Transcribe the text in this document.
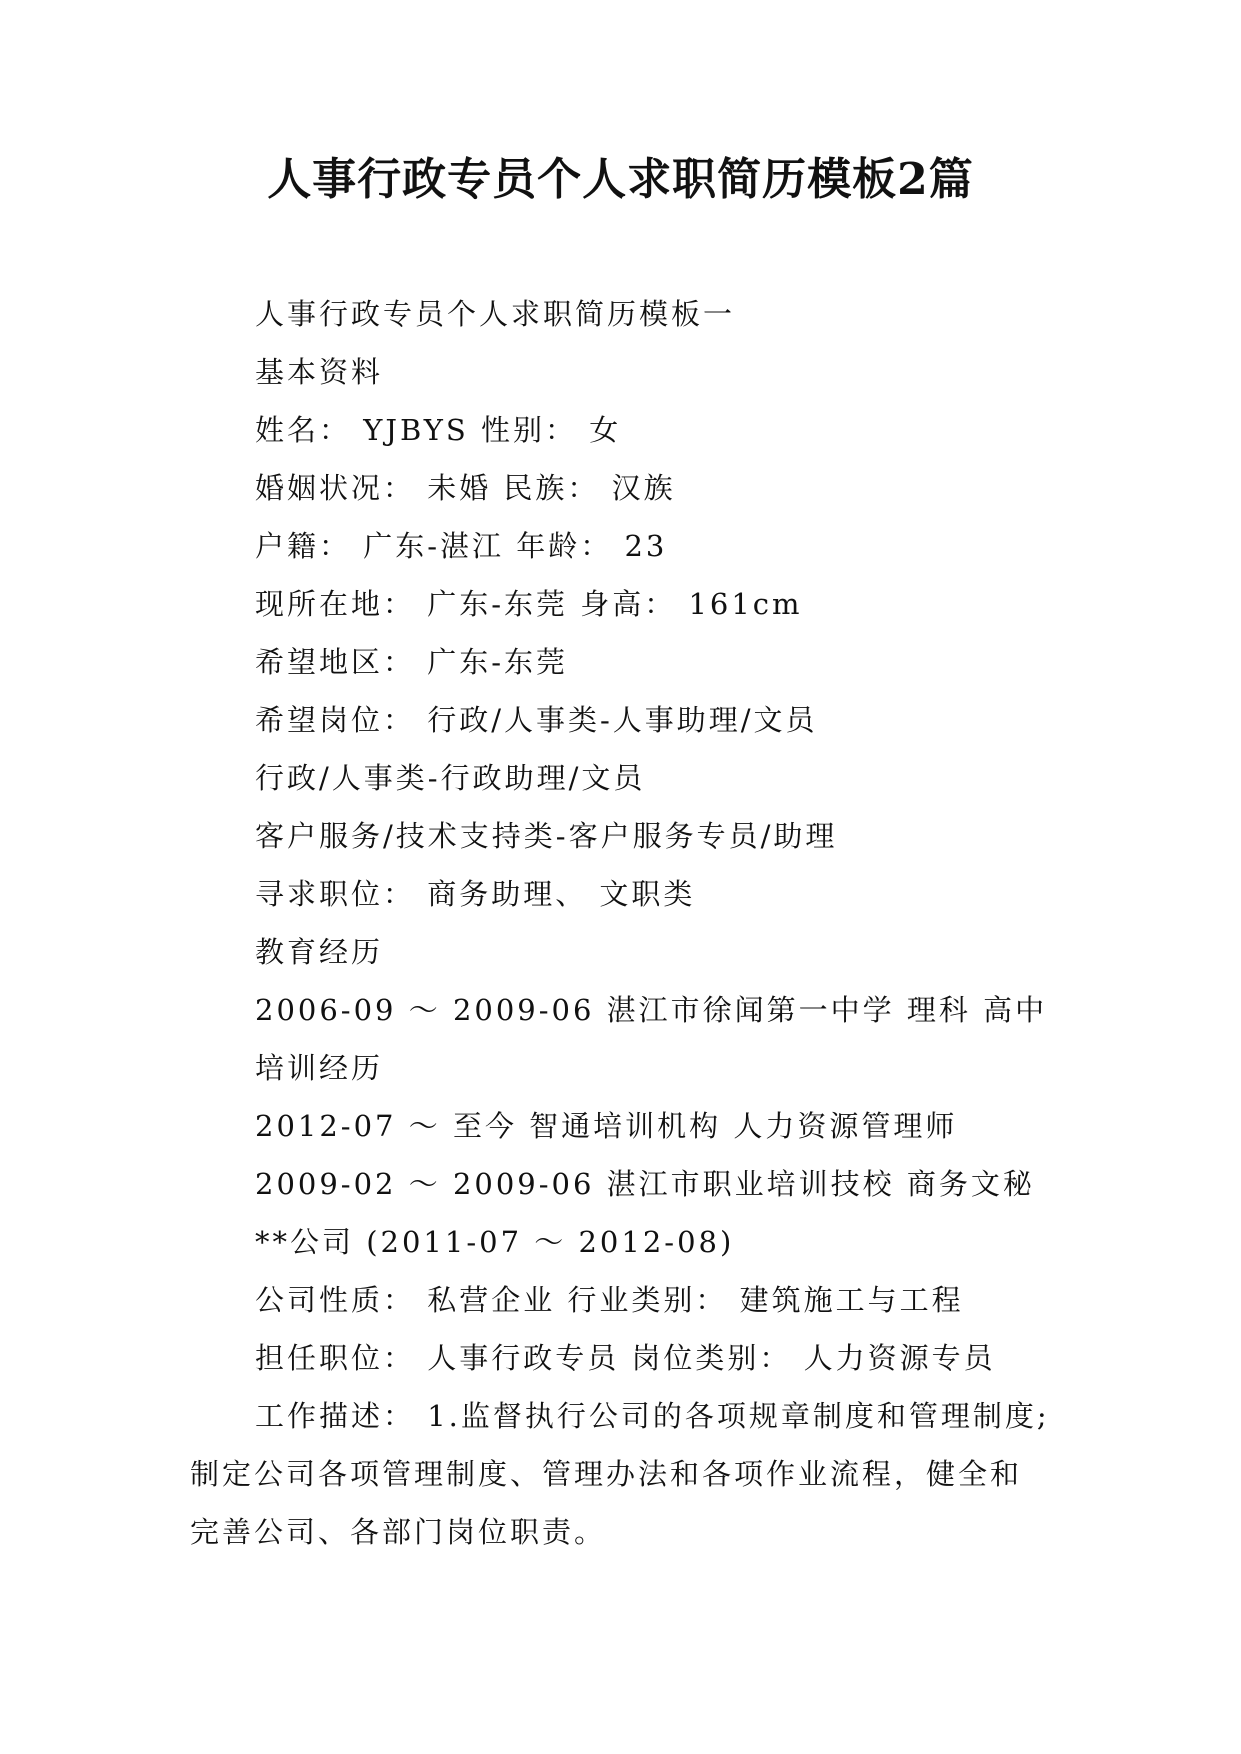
人事行政专员个人求职简历模板2篇
人事行政专员个人求职简历模板一
基本资料
姓名： YJBYS 性别： 女
婚姻状况： 未婚 民族： 汉族
户籍： 广东-湛江 年龄： 23
现所在地： 广东-东莞 身高： 161cm
希望地区： 广东-东莞
希望岗位： 行政/人事类-人事助理/文员
行政/人事类-行政助理/文员
客户服务/技术支持类-客户服务专员/助理
寻求职位： 商务助理、 文职类
教育经历
2006-09 ～ 2009-06 湛江市徐闻第一中学 理科 高中
培训经历
2012-07 ～ 至今 智通培训机构 人力资源管理师
2009-02 ～ 2009-06 湛江市职业培训技校 商务文秘
**公司 (2011-07 ～ 2012-08)
公司性质： 私营企业 行业类别： 建筑施工与工程
担任职位： 人事行政专员 岗位类别： 人力资源专员
工作描述： 1.监督执行公司的各项规章制度和管理制度;制定公司各项管理制度、管理办法和各项作业流程，健全和完善公司、各部门岗位职责。
